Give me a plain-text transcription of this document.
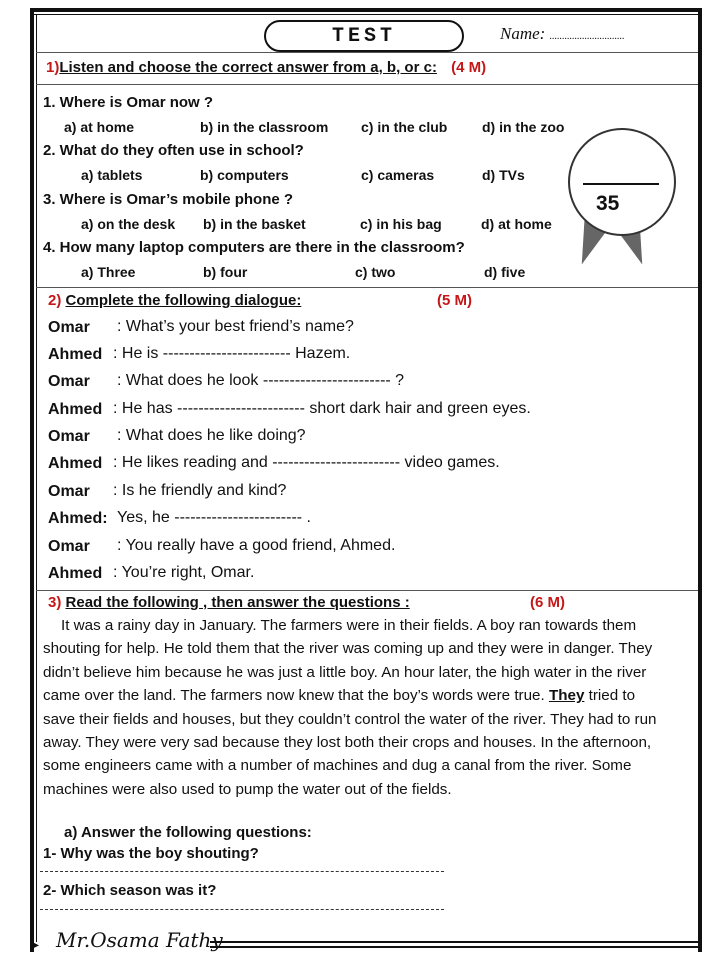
TEST	Name: ..............................
1)Listen and choose the correct answer from a, b, or c: (4 M)
1. Where is Omar now ?
a) at home	b) in the classroom c) in the club d) in the zoo
2. What do they often use in school?
a) tablets	b) computers	c) cameras	d) TVs
3. Where is Omar’s mobile phone ?
a) on the desk b) in the basket	c) in his bag	d) at home
4. How many laptop computers are there in the classroom?
a) Three	b) four	c) two	d) five
35
2) Complete the following dialogue:	(5 M)
Omar : What’s your best friend’s name?
Ahmed : He is ------------------------ Hazem.
Omar : What does he look ------------------------ ?
Ahmed : He has ------------------------ short dark hair and green eyes.
Omar : What does he like doing?
Ahmed : He likes reading and ------------------------ video games.
Omar : Is he friendly and kind?
Ahmed: Yes, he ------------------------ .
Omar : You really have a good friend, Ahmed.
Ahmed : You’re right, Omar.
3) Read the following , then answer the questions :	(6 M)
It was a rainy day in January. The farmers were in their fields. A boy ran towards them shouting for help. He told them that the river was coming up and they were in danger. They didn’t believe him because he was just a little boy. An hour later, the high water in the river came over the land. The farmers now knew that the boy’s words were true. They tried to save their fields and houses, but they couldn’t control the water of the river. They had to run away. They were very sad because they lost both their crops and houses. In the afternoon, some engineers came with a number of machines and dug a canal from the river. Some machines were also used to pump the water out of the fields.
a) Answer the following questions:
1- Why was the boy shouting?
2- Which season was it?
▸ Mr.Osama Fathy
